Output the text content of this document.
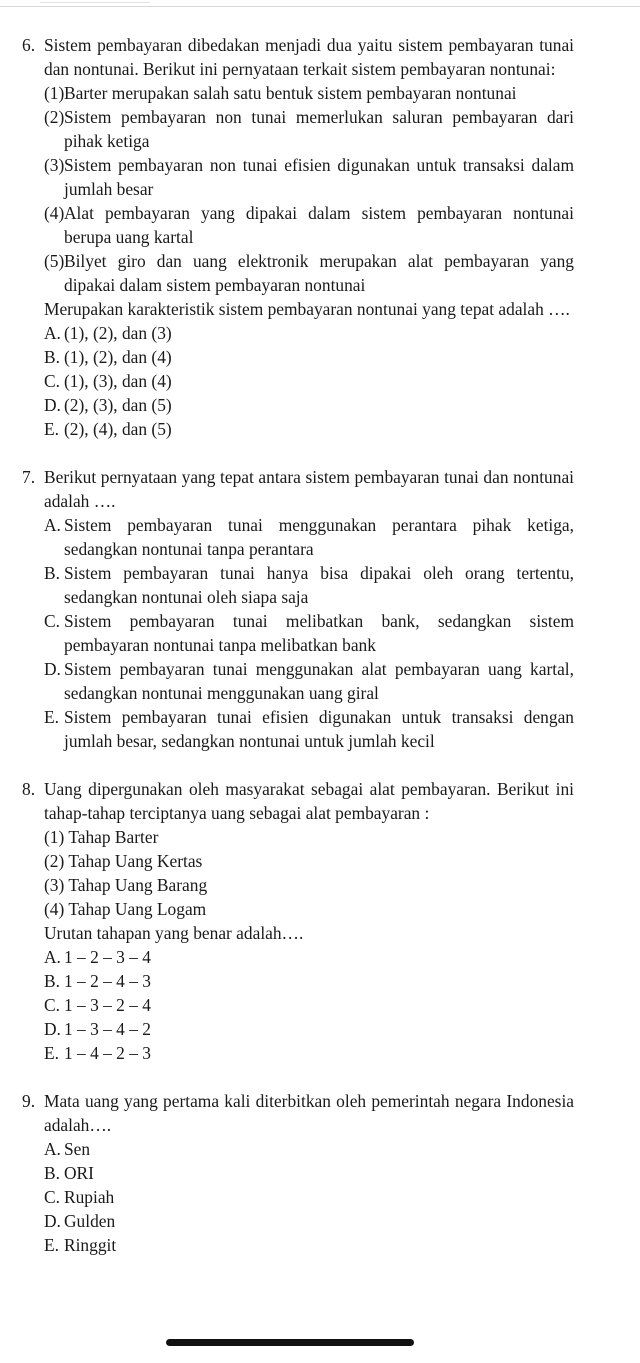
6. Sistem pembayaran dibedakan menjadi dua yaitu sistem pembayaran tunai dan nontunai. Berikut ini pernyataan terkait sistem pembayaran nontunai:
(1) Barter merupakan salah satu bentuk sistem pembayaran nontunai
(2) Sistem pembayaran non tunai memerlukan saluran pembayaran dari pihak ketiga
(3) Sistem pembayaran non tunai efisien digunakan untuk transaksi dalam jumlah besar
(4) Alat pembayaran yang dipakai dalam sistem pembayaran nontunai berupa uang kartal
(5) Bilyet giro dan uang elektronik merupakan alat pembayaran yang dipakai dalam sistem pembayaran nontunai
Merupakan karakteristik sistem pembayaran nontunai yang tepat adalah ….
A. (1), (2), dan (3)
B. (1), (2), dan (4)
C. (1), (3), dan (4)
D. (2), (3), dan (5)
E. (2), (4), dan (5)
7. Berikut pernyataan yang tepat antara sistem pembayaran tunai dan nontunai adalah ….
A. Sistem pembayaran tunai menggunakan perantara pihak ketiga, sedangkan nontunai tanpa perantara
B. Sistem pembayaran tunai hanya bisa dipakai oleh orang tertentu, sedangkan nontunai oleh siapa saja
C. Sistem pembayaran tunai melibatkan bank, sedangkan sistem pembayaran nontunai tanpa melibatkan bank
D. Sistem pembayaran tunai menggunakan alat pembayaran uang kartal, sedangkan nontunai menggunakan uang giral
E. Sistem pembayaran tunai efisien digunakan untuk transaksi dengan jumlah besar, sedangkan nontunai untuk jumlah kecil
8. Uang dipergunakan oleh masyarakat sebagai alat pembayaran. Berikut ini tahap-tahap terciptanya uang sebagai alat pembayaran :
(1) Tahap Barter
(2) Tahap Uang Kertas
(3) Tahap Uang Barang
(4) Tahap Uang Logam
Urutan tahapan yang benar adalah….
A. 1 – 2 – 3 – 4
B. 1 – 2 – 4 – 3
C. 1 – 3 – 2 – 4
D. 1 – 3 – 4 – 2
E. 1 – 4 – 2 – 3
9. Mata uang yang pertama kali diterbitkan oleh pemerintah negara Indonesia adalah….
A. Sen
B. ORI
C. Rupiah
D. Gulden
E. Ringgit
